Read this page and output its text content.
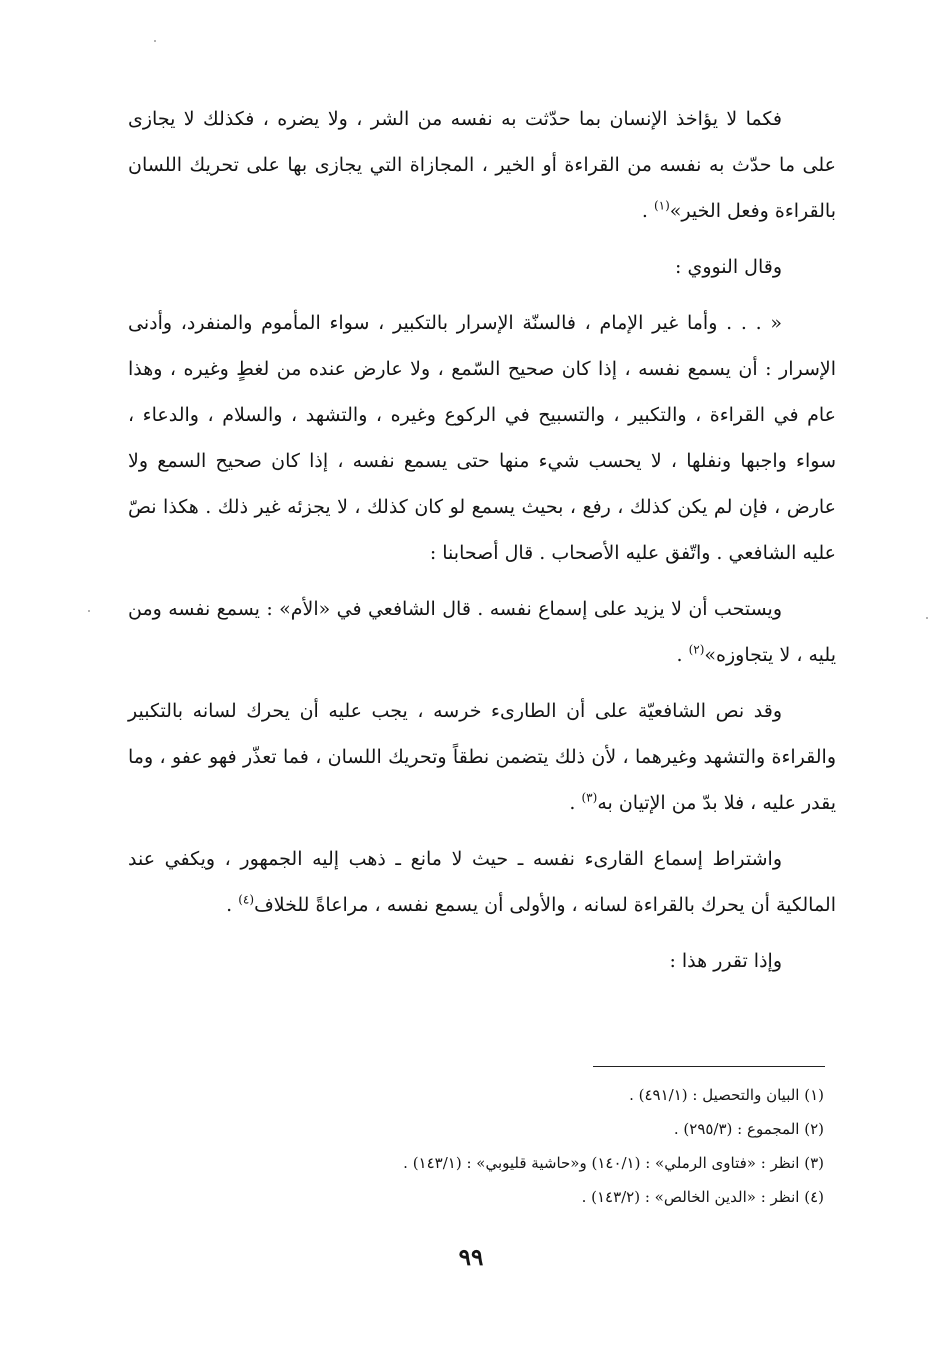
فكما لا يؤاخذ الإنسان بما حدّثت به نفسه من الشر ، ولا يضره ، فكذلك لا يجازى على ما حدّث به نفسه من القراءة أو الخير ، المجازاة التي يجازى بها على تحريك اللسان بالقراءة وفعل الخير»$^{(١)}$ .

وقال النووي :

« . . . وأما غير الإمام ، فالسنّة الإسرار بالتكبير ، سواء المأموم والمنفرد، وأدنى الإسرار : أن يسمع نفسه ، إذا كان صحيح السّمع ، ولا عارض عنده من لغطٍ وغيره ، وهذا عام في القراءة ، والتكبير ، والتسبيح في الركوع وغيره ، والتشهد ، والسلام ، والدعاء ، سواء واجبها ونفلها ، لا يحسب شيء منها حتى يسمع نفسه ، إذا كان صحيح السمع ولا عارض ، فإن لم يكن كذلك ، رفع ، بحيث يسمع لو كان كذلك ، لا يجزئه غير ذلك . هكذا نصّ عليه الشافعي . واتّفق عليه الأصحاب . قال أصحابنا :

ويستحب أن لا يزيد على إسماع نفسه . قال الشافعي في «الأم» : يسمع نفسه ومن يليه ، لا يتجاوزه»$^{(٢)}$ .

وقد نص الشافعيّة على أن الطارىء خرسه ، يجب عليه أن يحرك لسانه بالتكبير والقراءة والتشهد وغيرهما ، لأن ذلك يتضمن نطقاً وتحريك اللسان ، فما تعذّر فهو عفو ، وما يقدر عليه ، فلا بدّ من الإتيان به$^{(٣)}$ .

واشتراط إسماع القارىء نفسه ـ حيث لا مانع ـ ذهب إليه الجمهور ، ويكفي عند المالكية أن يحرك بالقراءة لسانه ، والأولى أن يسمع نفسه ، مراعاةً للخلاف$^{(٤)}$ .

وإذا تقرر هذا :

(١) البيان والتحصيل : (٤٩١/١) .

(٢) المجموع : (٢٩٥/٣) .

(٣) انظر : «فتاوى الرملي» : (١٤٠/١) و«حاشية قليوبي» : (١٤٣/١) .

(٤) انظر : «الدين الخالص» : (١٤٣/٢) .

٩٩
